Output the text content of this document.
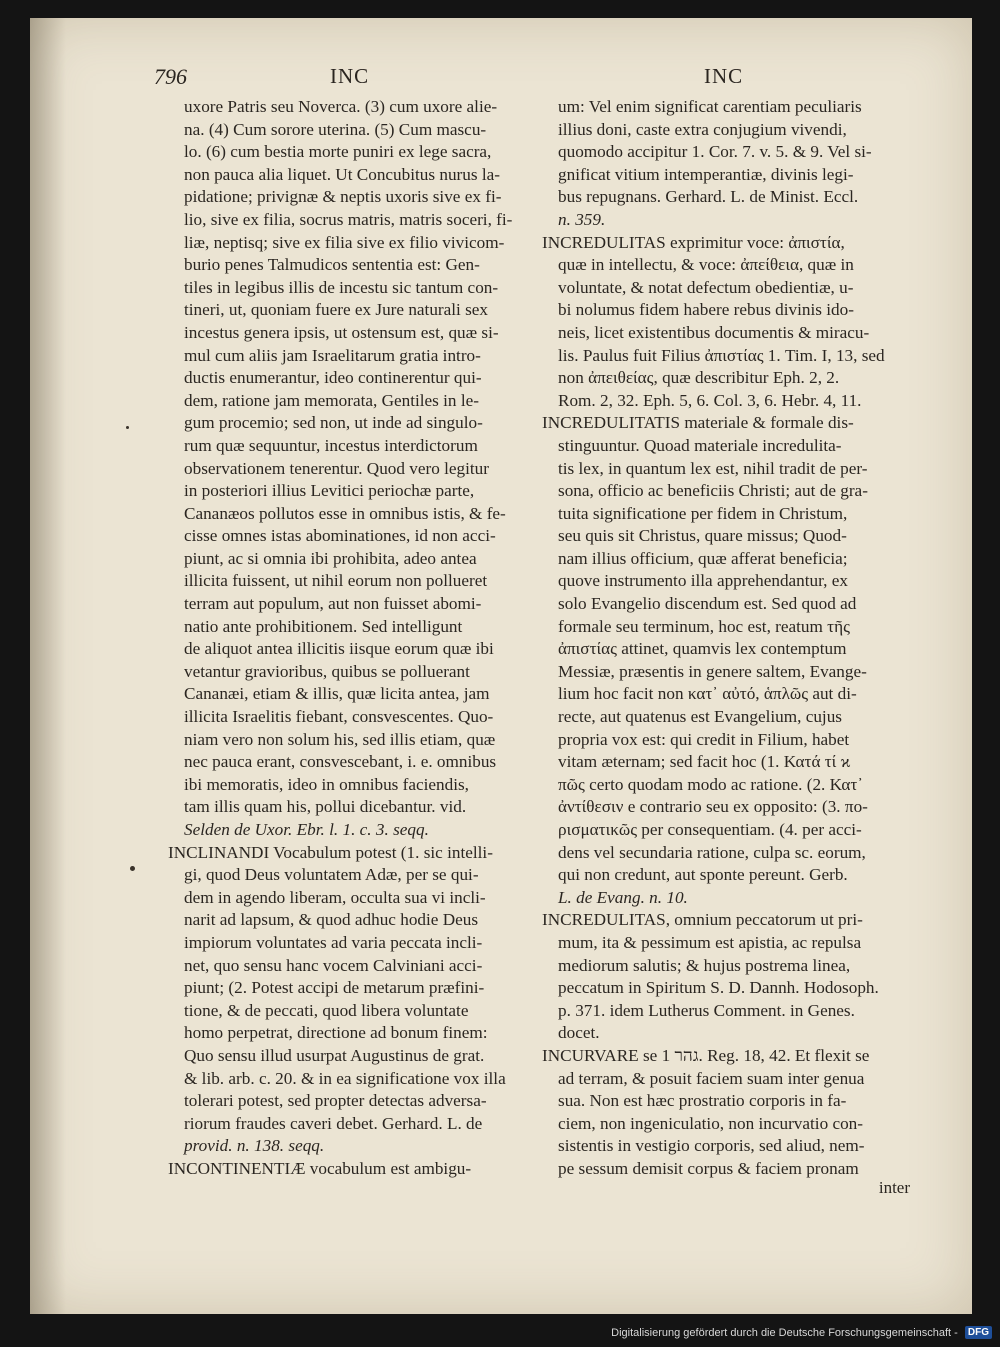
796	INC	INC
uxore Patris seu Noverca. (3) cum uxore alie-
na. (4) Cum sorore uterina. (5) Cum mascu-
lo. (6) cum bestia morte puniri ex lege sacra,
non pauca alia liquet. Ut Concubitus nurus la-
pidatione; privignæ & neptis uxoris sive ex fi-
lio, sive ex filia, socrus matris, matris soceri, fi-
liæ, neptisq; sive ex filia sive ex filio vivicom-
burio penes Talmudicos sententia est: Gen-
tiles in legibus illis de incestu sic tantum con-
tineri, ut, quoniam fuere ex Jure naturali sex
incestus genera ipsis, ut ostensum est, quæ si-
mul cum aliis jam Israelitarum gratia intro-
ductis enumerantur, ideo continerentur qui-
dem, ratione jam memorata, Gentiles in le-
gum procemio; sed non, ut inde ad singulo-
rum quæ sequuntur, incestus interdictorum
observationem tenerentur. Quod vero legitur
in posteriori illius Levitici periochæ parte,
Cananæos pollutos esse in omnibus istis, & fe-
cisse omnes istas abominationes, id non acci-
piunt, ac si omnia ibi prohibita, adeo antea
illicita fuissent, ut nihil eorum non pollueret
terram aut populum, aut non fuisset abomi-
natio ante prohibitionem. Sed intelligunt
de aliquot antea illicitis iisque eorum quæ ibi
vetantur gravioribus, quibus se polluerant
Cananæi, etiam & illis, quæ licita antea, jam
illicita Israelitis fiebant, consvescentes. Quo-
niam vero non solum his, sed illis etiam, quæ
nec pauca erant, consvescebant, i. e. omnibus
ibi memoratis, ideo in omnibus faciendis,
tam illis quam his, pollui dicebantur. vid.
Selden de Uxor. Ebr. l. 1. c. 3. seqq.
INCLINANDI Vocabulum potest (1. sic intelli-
gi, quod Deus voluntatem Adæ, per se qui-
dem in agendo liberam, occulta sua vi incli-
narit ad lapsum, & quod adhuc hodie Deus
impiorum voluntates ad varia peccata incli-
net, quo sensu hanc vocem Calviniani acci-
piunt; (2. Potest accipi de metarum præfini-
tione, & de peccati, quod libera voluntate
homo perpetrat, directione ad bonum finem:
Quo sensu illud usurpat Augustinus de grat.
& lib. arb. c. 20. & in ea significatione vox illa
tolerari potest, sed propter detectas adversa-
riorum fraudes caveri debet. Gerhard. L. de
provid. n. 138. seqq.
INCONTINENTIÆ vocabulum est ambigu-
um: Vel enim significat carentiam peculiaris
illius doni, caste extra conjugium vivendi,
quomodo accipitur 1. Cor. 7. v. 5. & 9. Vel si-
gnificat vitium intemperantiæ, divinis legi-
bus repugnans. Gerhard. L. de Minist. Eccl.
n. 359.
INCREDULITAS exprimitur voce: ἀπιστία,
quæ in intellectu, & voce: ἀπείθεια, quæ in
voluntate, & notat defectum obedientiæ, u-
bi nolumus fidem habere rebus divinis ido-
neis, licet existentibus documentis & miracu-
lis. Paulus fuit Filius ἀπιστίας 1. Tim. I, 13, sed
non ἀπειθείας, quæ describitur Eph. 2, 2.
Rom. 2, 32. Eph. 5, 6. Col. 3, 6. Hebr. 4, 11.
INCREDULITATIS materiale & formale dis-
stinguuntur. Quoad materiale incredulita-
tis lex, in quantum lex est, nihil tradit de per-
sona, officio ac beneficiis Christi; aut de gra-
tuita significatione per fidem in Christum,
seu quis sit Christus, quare missus; Quod-
nam illius officium, quæ afferat beneficia;
quove instrumento illa apprehendantur, ex
solo Evangelio discendum est. Sed quod ad
formale seu terminum, hoc est, reatum τῆς
ἀπιστίας attinet, quamvis lex contemptum
Messiæ, præsentis in genere saltem, Evange-
lium hoc facit non κατ᾽ αὐτό, ἁπλῶς aut di-
recte, aut quatenus est Evangelium, cujus
propria vox est: qui credit in Filium, habet
vitam æternam; sed facit hoc (1. Κατά τί ϰ
πῶς certo quodam modo ac ratione. (2. Κατ᾽
ἀντίθεσιν e contrario seu ex opposito: (3. πο-
ρισματικῶς per consequentiam. (4. per acci-
dens vel secundaria ratione, culpa sc. eorum,
qui non credunt, aut sponte pereunt. Gerb.
L. de Evang. n. 10.
INCREDULITAS, omnium peccatorum ut pri-
mum, ita & pessimum est apistia, ac repulsa
mediorum salutis; & hujus postrema linea,
peccatum in Spiritum S. D. Dannh. Hodosoph.
p. 371. idem Lutherus Comment. in Genes.
docet.
INCURVARE se גהר 1. Reg. 18, 42. Et flexit se
ad terram, & posuit faciem suam inter genua
sua. Non est hæc prostratio corporis in fa-
ciem, non ingeniculatio, non incurvatio con-
sistentis in vestigio corporis, sed aliud, nem-
pe sessum demisit corpus & faciem pronam
inter
Digitalisierung gefördert durch die Deutsche Forschungsgemeinschaft - DFG
